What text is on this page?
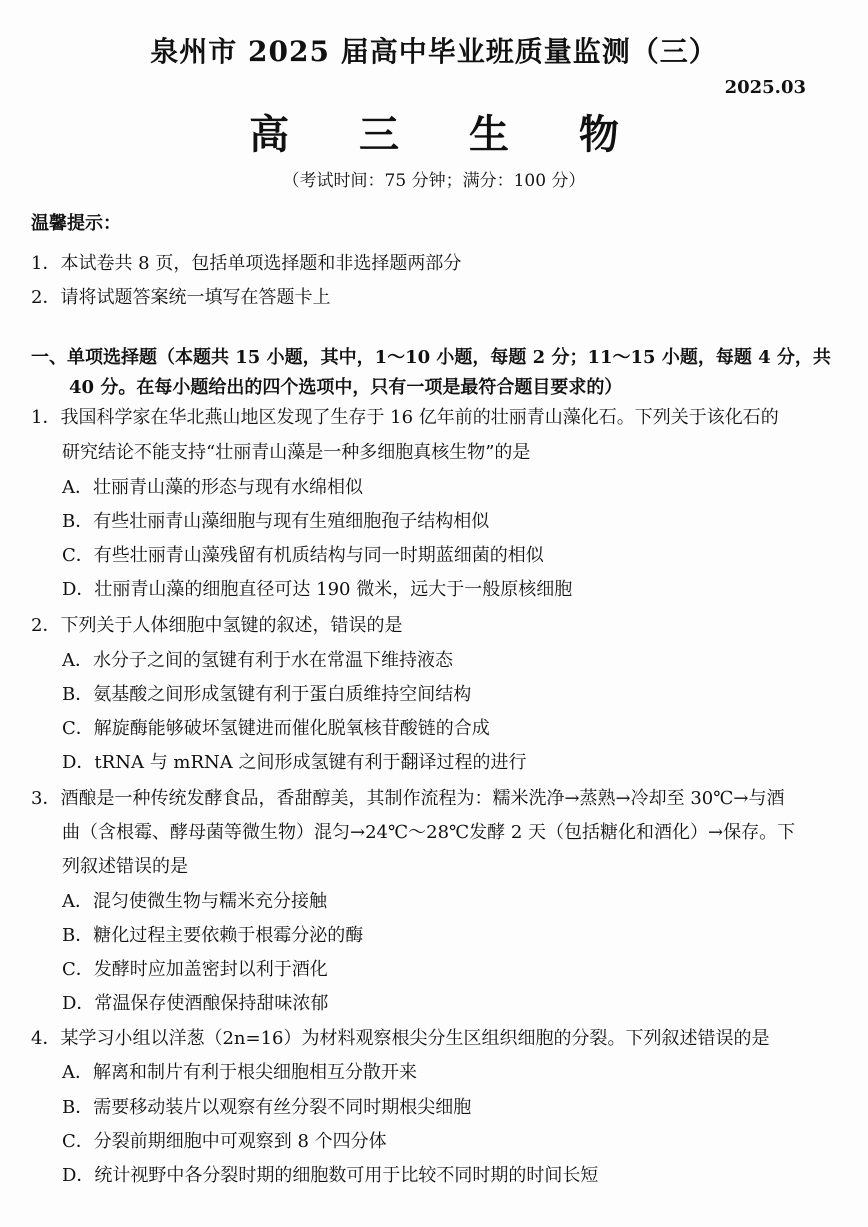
泉州市 2025 届高中毕业班质量监测（三）
2025.03
高 三 生 物
（考试时间：75 分钟；满分：100 分）
温馨提示：
1．本试卷共 8 页，包括单项选择题和非选择题两部分
2．请将试题答案统一填写在答题卡上
一、单项选择题（本题共 15 小题，其中，1～10 小题，每题 2 分；11～15 小题，每题 4 分，共
40 分。在每小题给出的四个选项中，只有一项是最符合题目要求的）
1．我国科学家在华北燕山地区发现了生存于 16 亿年前的壮丽青山藻化石。下列关于该化石的
研究结论不能支持“壮丽青山藻是一种多细胞真核生物”的是
A．壮丽青山藻的形态与现有水绵相似
B．有些壮丽青山藻细胞与现有生殖细胞孢子结构相似
C．有些壮丽青山藻残留有机质结构与同一时期蓝细菌的相似
D．壮丽青山藻的细胞直径可达 190 微米，远大于一般原核细胞
2．下列关于人体细胞中氢键的叙述，错误的是
A．水分子之间的氢键有利于水在常温下维持液态
B．氨基酸之间形成氢键有利于蛋白质维持空间结构
C．解旋酶能够破坏氢键进而催化脱氧核苷酸链的合成
D．tRNA 与 mRNA 之间形成氢键有利于翻译过程的进行
3．酒酿是一种传统发酵食品，香甜醇美，其制作流程为：糯米洗净→蒸熟→冷却至 30℃→与酒
曲（含根霉、酵母菌等微生物）混匀→24℃～28℃发酵 2 天（包括糖化和酒化）→保存。下
列叙述错误的是
A．混匀使微生物与糯米充分接触
B．糖化过程主要依赖于根霉分泌的酶
C．发酵时应加盖密封以利于酒化
D．常温保存使酒酿保持甜味浓郁
4．某学习小组以洋葱（2n=16）为材料观察根尖分生区组织细胞的分裂。下列叙述错误的是
A．解离和制片有利于根尖细胞相互分散开来
B．需要移动装片以观察有丝分裂不同时期根尖细胞
C．分裂前期细胞中可观察到 8 个四分体
D．统计视野中各分裂时期的细胞数可用于比较不同时期的时间长短
